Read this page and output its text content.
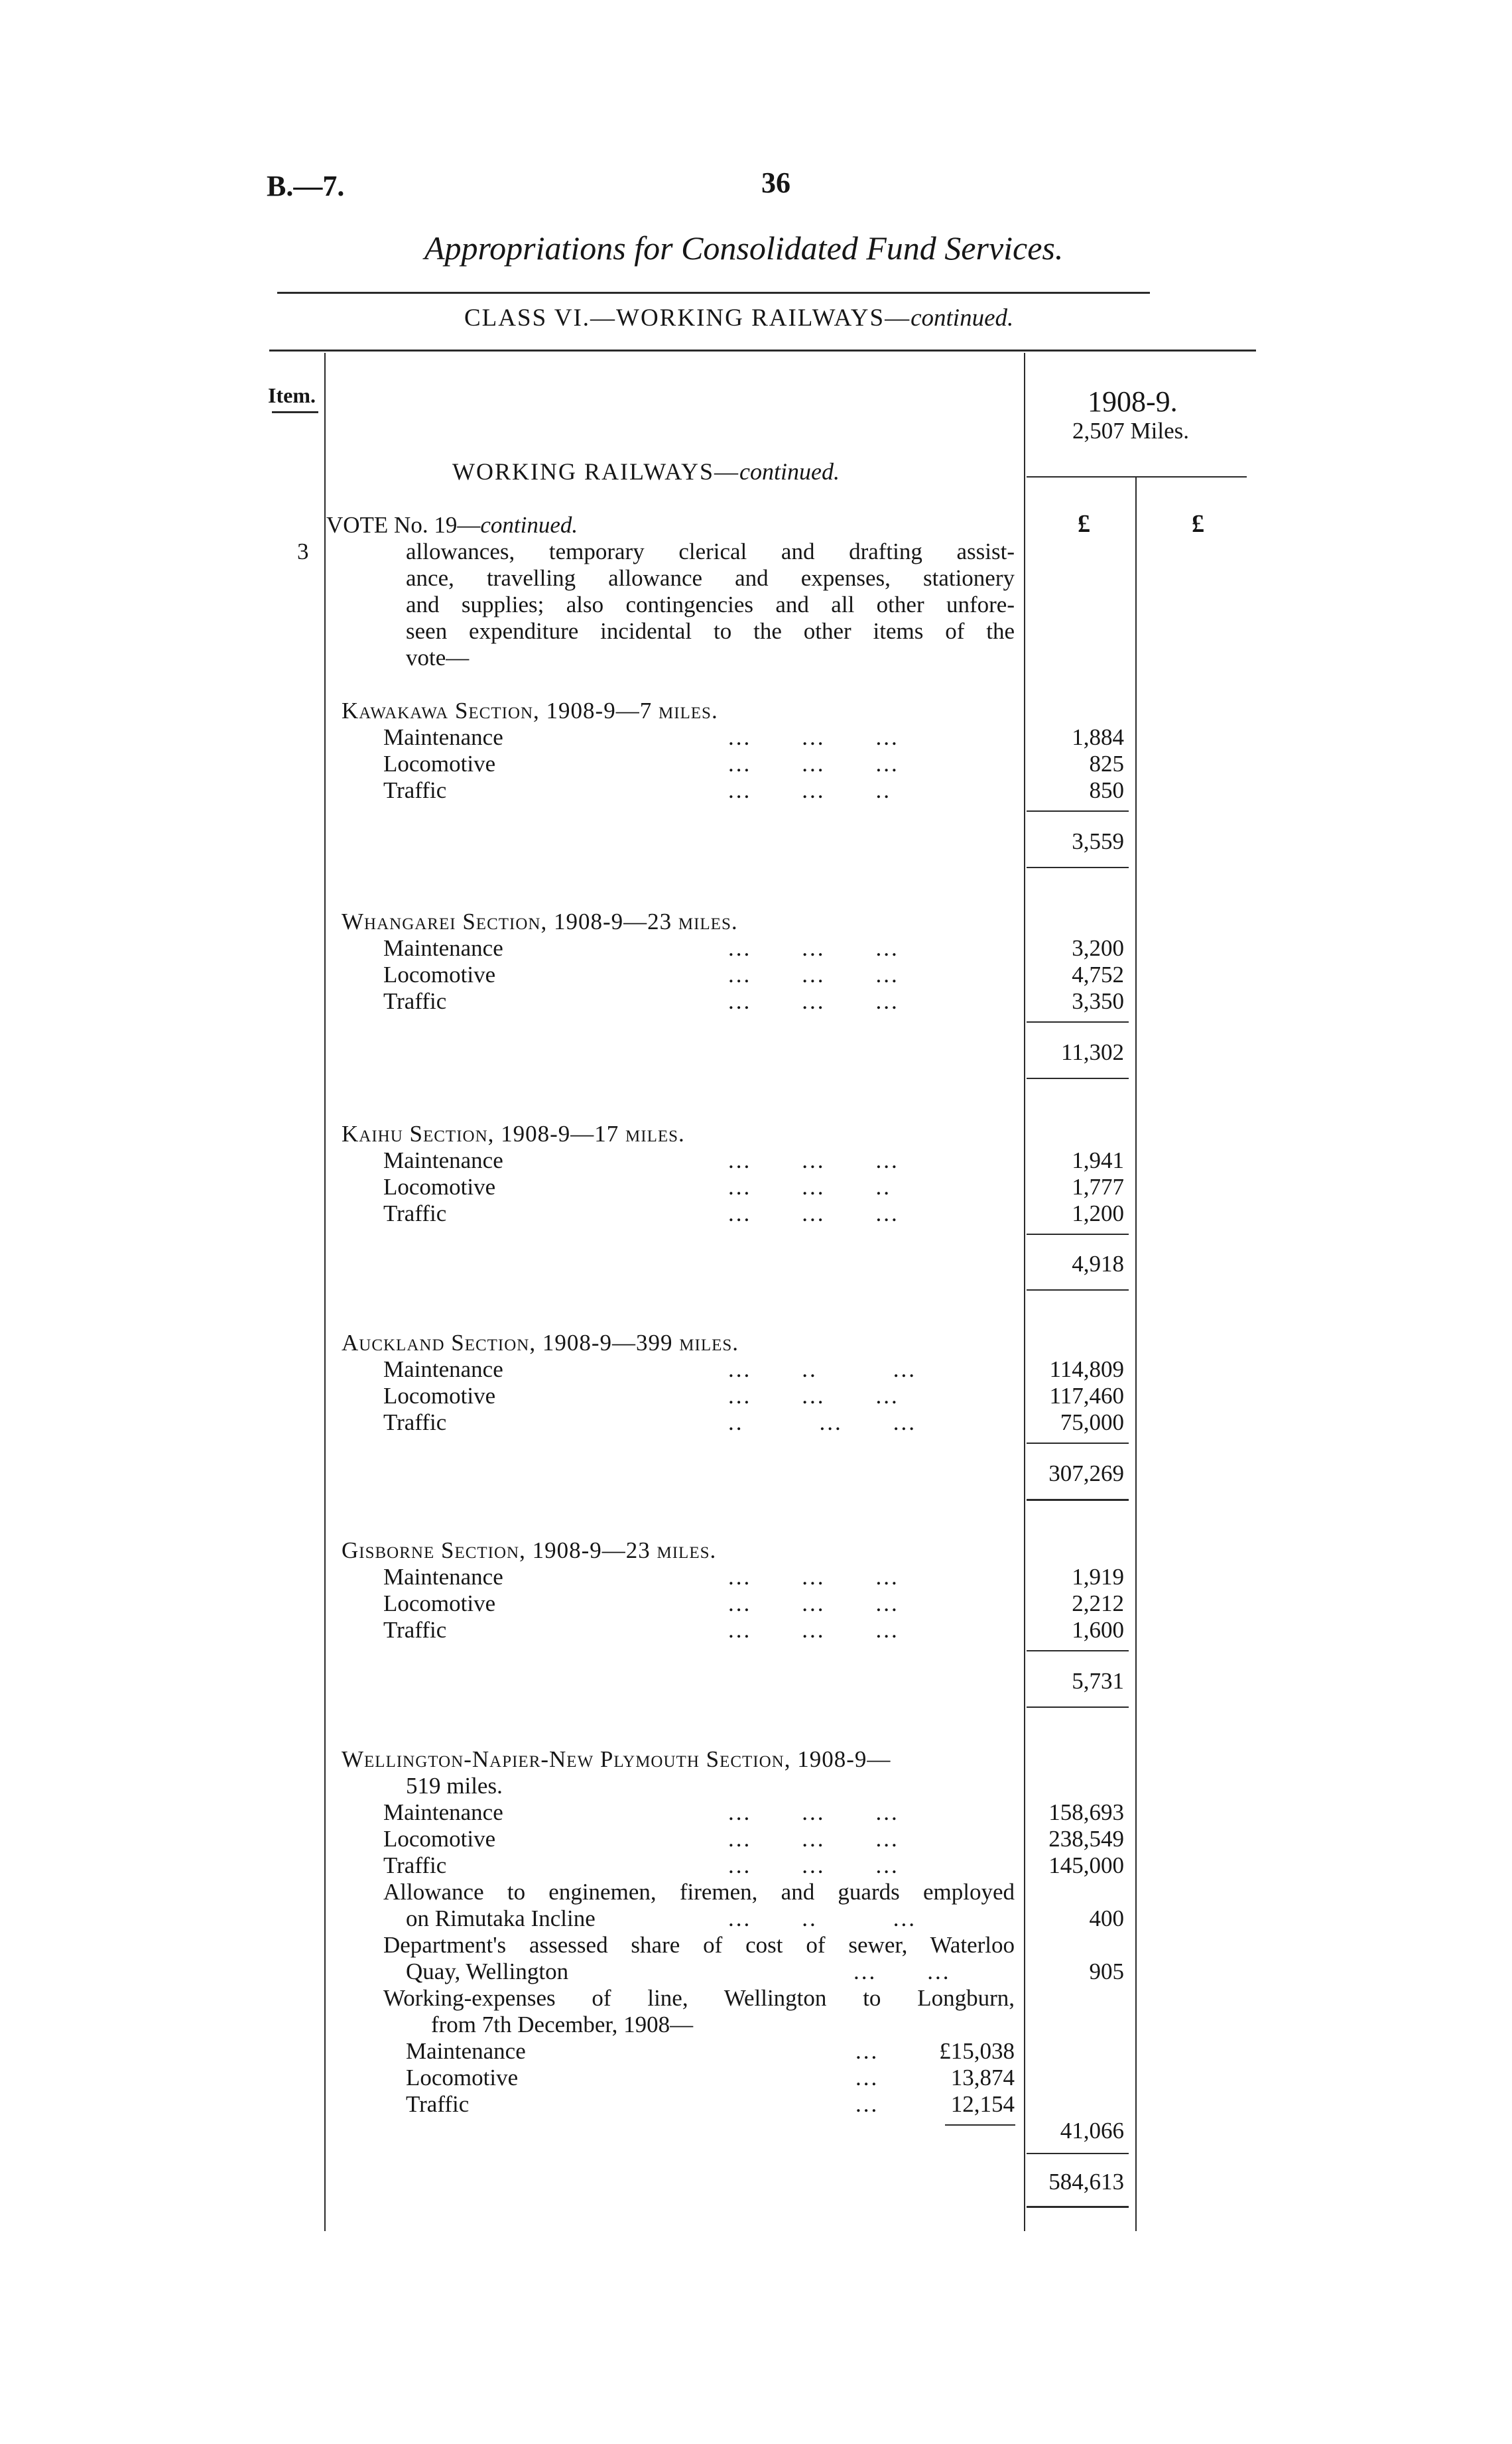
B.—7.	36
Appropriations for Consolidated Fund Services.
CLASS VI.—WORKING RAILWAYS—continued.
Item.	1908-9.
2,507 Miles.
£	£
WORKING RAILWAYS—continued.
VOTE No. 19—continued.
3	allowances, temporary clerical and drafting assist-
ance, travelling allowance and expenses, stationery
and supplies; also contingencies and all other unfore-
seen expenditure incidental to the other items of the
vote—
Kawakawa Section, 1908-9—7 miles.
Maintenance	...  ...  ...	1,884
Locomotive	...  ...  ...	825
Traffic	...  ...  ..	850
3,559
Whangarei Section, 1908-9—23 miles.
Maintenance	...  ...  ...	3,200
Locomotive	...  ...  ...	4,752
Traffic	...  ...  ...	3,350
11,302
Kaihu Section, 1908-9—17 miles.
Maintenance	...  ...  ...	1,941
Locomotive	...  ...  ..	1,777
Traffic	...  ...  ...	1,200
4,918
Auckland Section, 1908-9—399 miles.
Maintenance	...  ..   ...	114,809
Locomotive	...  ...  ...	117,460
Traffic	..   ...  ...	75,000
307,269
Gisborne Section, 1908-9—23 miles.
Maintenance	...  ...  ...	1,919
Locomotive	...  ...  ...	2,212
Traffic	...  ...  ...	1,600
5,731
Wellington-Napier-New Plymouth Section, 1908-9—
519 miles.
Maintenance	...  ...  ...	158,693
Locomotive	...  ...  ...	238,549
Traffic	...  ...  ...	145,000
Allowance to enginemen, firemen, and guards employed
on Rimutaka Incline	...  ..   ...	400
Department's assessed share of cost of sewer, Waterloo
Quay, Wellington	...  ...	905
Working-expenses of line, Wellington to Longburn,
from 7th December, 1908—
Maintenance	...	£15,038
Locomotive	...	13,874
Traffic	...	12,154
41,066
584,613
